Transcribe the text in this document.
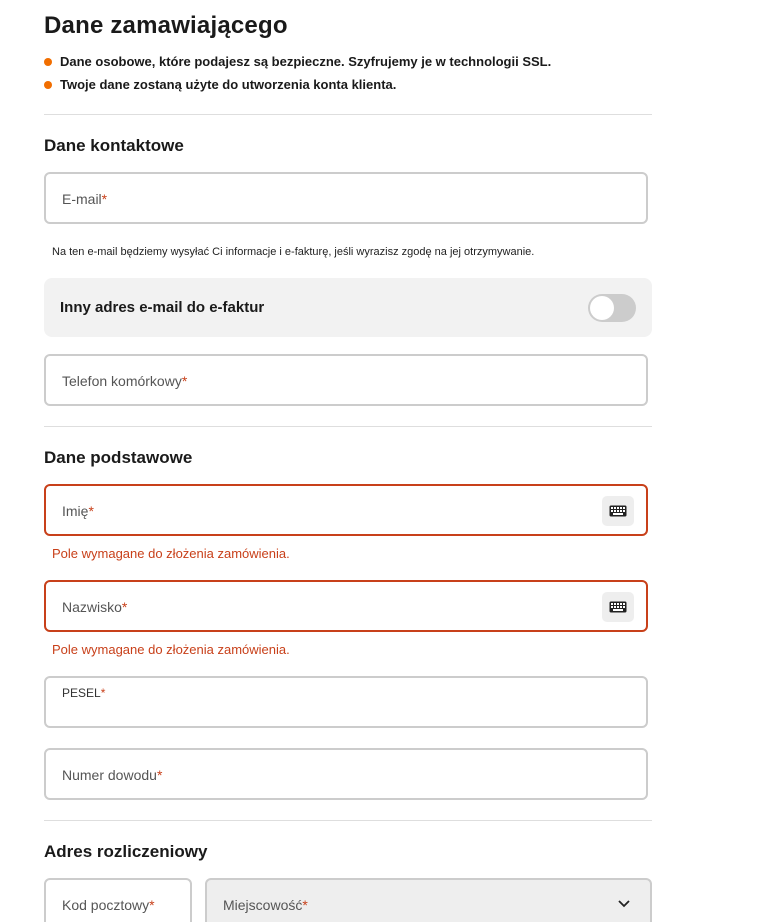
Dane zamawiającego
Dane osobowe, które podajesz są bezpieczne. Szyfrujemy je w technologii SSL.
Twoje dane zostaną użyte do utworzenia konta klienta.
Dane kontaktowe
E-mail*
Na ten e-mail będziemy wysyłać Ci informacje i e-fakturę, jeśli wyrazisz zgodę na jej otrzymywanie.
Inny adres e-mail do e-faktur
Telefon komórkowy*
Dane podstawowe
Imię*
Pole wymagane do złożenia zamówienia.
Nazwisko*
Pole wymagane do złożenia zamówienia.
PESEL*
Numer dowodu*
Adres rozliczeniowy
Kod pocztowy*	Miejscowość*
